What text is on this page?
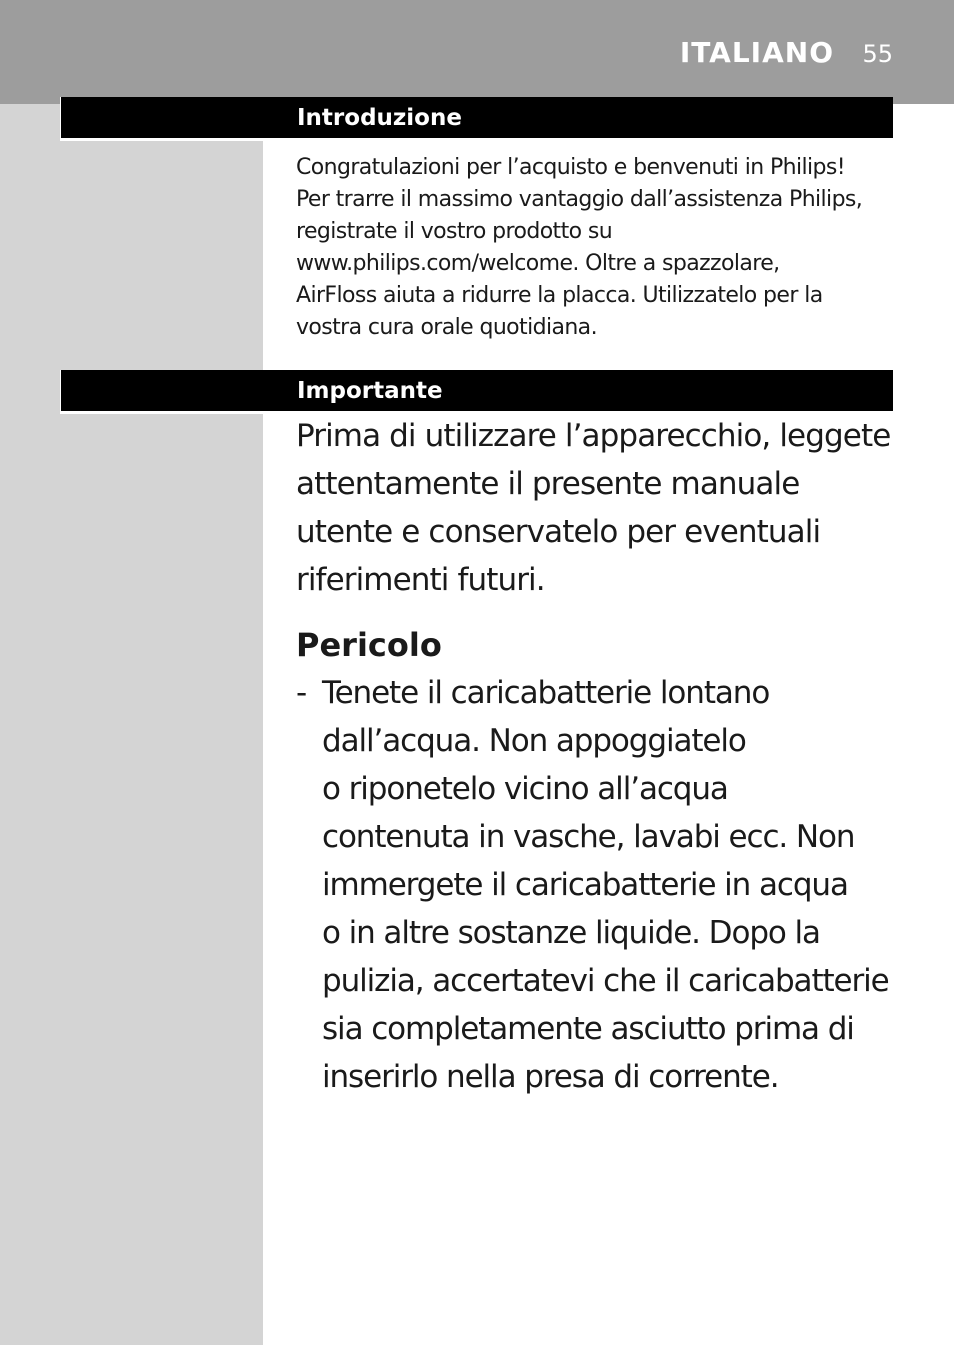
ITALIANO 55
Introduzione

Congratulazioni per l’acquisto e benvenuti in Philips!
Per trarre il massimo vantaggio dall’assistenza Philips,
registrate il vostro prodotto su
www.philips.com/welcome. Oltre a spazzolare,
AirFloss aiuta a ridurre la placca. Utilizzatelo per la
vostra cura orale quotidiana.

Importante

Prima di utilizzare l’apparecchio, leggete
attentamente il presente manuale
utente e conservatelo per eventuali
riferimenti futuri.

Pericolo
- Tenete il caricabatterie lontano
dall’acqua. Non appoggiatelo
o riponetelo vicino all’acqua
contenuta in vasche, lavabi ecc. Non
immergete il caricabatterie in acqua
o in altre sostanze liquide. Dopo la
pulizia, accertatevi che il caricabatterie
sia completamente asciutto prima di
inserirlo nella presa di corrente.
